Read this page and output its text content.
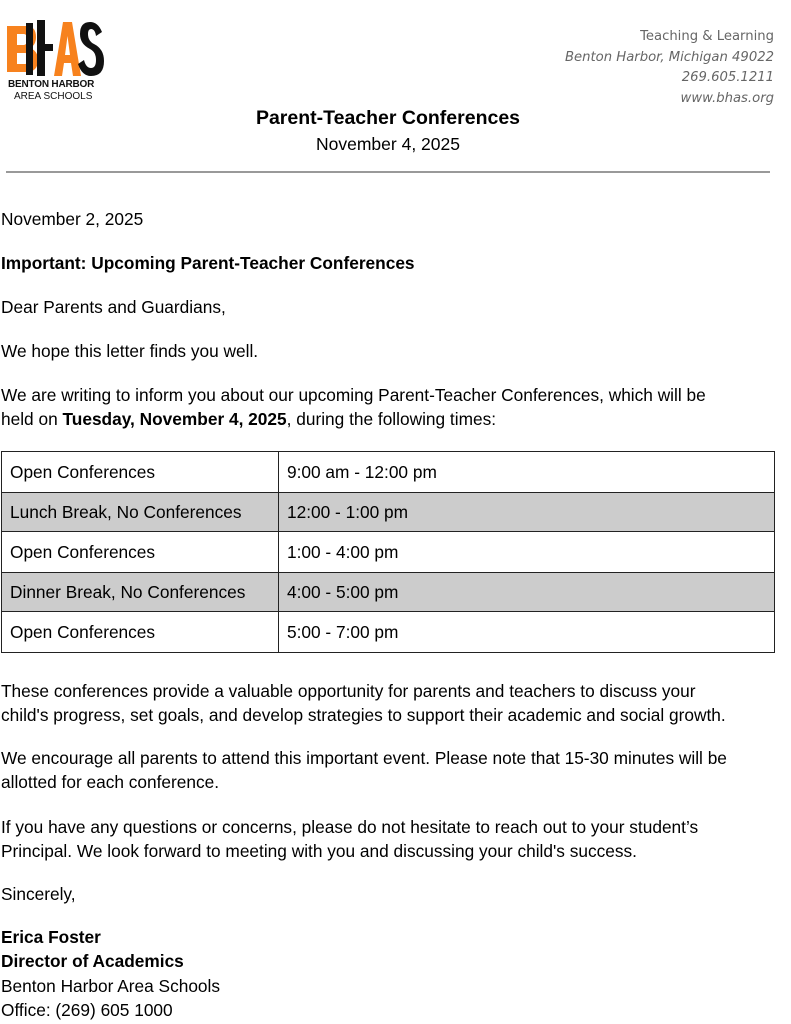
BENTON HARBOR
AREA SCHOOLS
Teaching & Learning
Benton Harbor, Michigan 49022
269.605.1211
www.bhas.org
Parent-Teacher Conferences
November 4, 2025
November 2, 2025
Important: Upcoming Parent-Teacher Conferences
Dear Parents and Guardians,
We hope this letter finds you well.
We are writing to inform you about our upcoming Parent-Teacher Conferences, which will be
held on Tuesday, November 4, 2025, during the following times:
Open Conferences	9:00 am - 12:00 pm
Lunch Break, No Conferences	12:00 - 1:00 pm
Open Conferences	1:00 - 4:00 pm
Dinner Break, No Conferences	4:00 - 5:00 pm
Open Conferences	5:00 - 7:00 pm
These conferences provide a valuable opportunity for parents and teachers to discuss your
child's progress, set goals, and develop strategies to support their academic and social growth.
We encourage all parents to attend this important event. Please note that 15-30 minutes will be
allotted for each conference.
If you have any questions or concerns, please do not hesitate to reach out to your student’s
Principal. We look forward to meeting with you and discussing your child's success.
Sincerely,
Erica Foster
Director of Academics
Benton Harbor Area Schools
Office: (269) 605 1000
